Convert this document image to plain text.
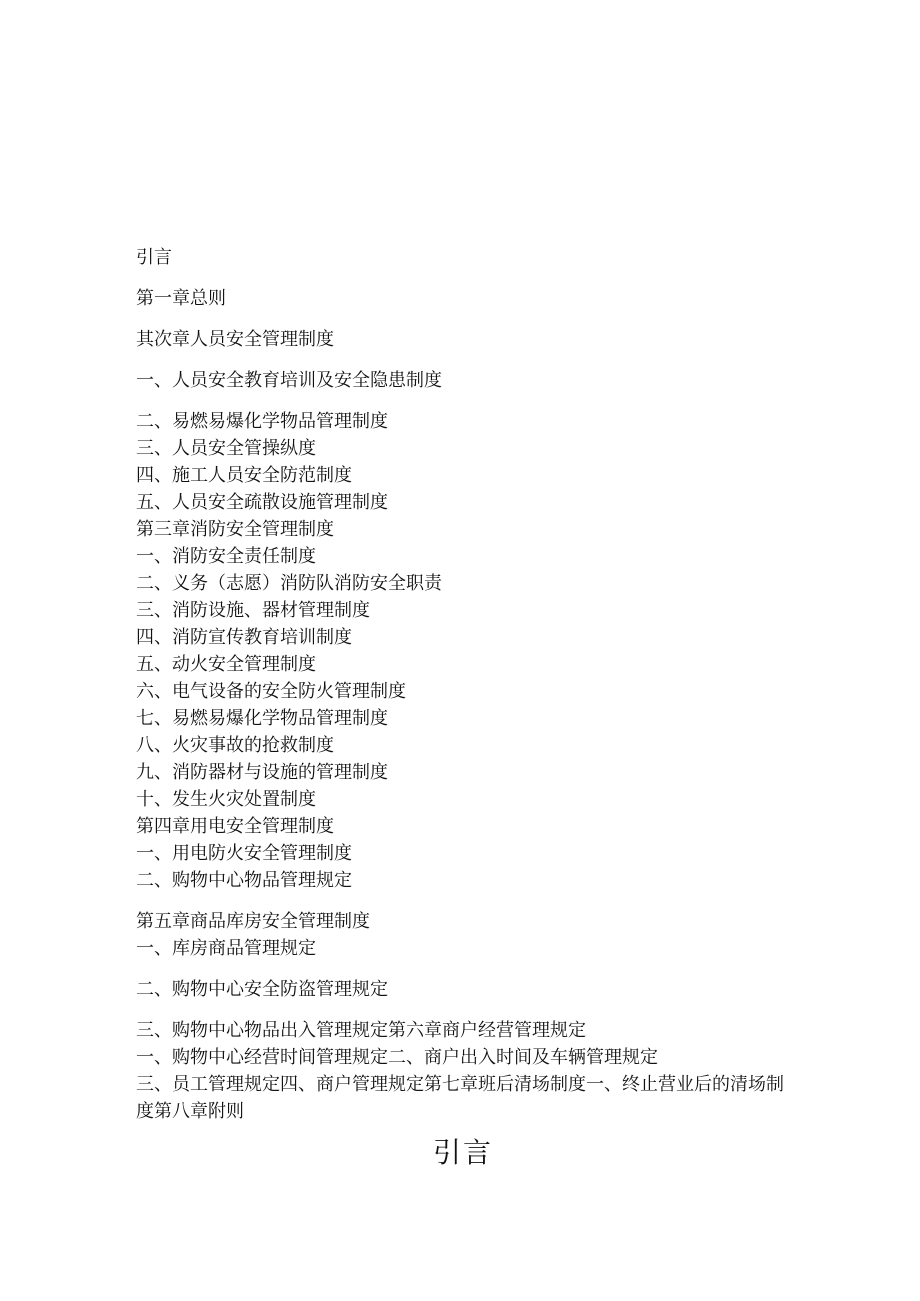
引言
第一章总则
其次章人员安全管理制度
一、人员安全教育培训及安全隐患制度
二、易燃易爆化学物品管理制度
三、人员安全管操纵度
四、施工人员安全防范制度
五、人员安全疏散设施管理制度
第三章消防安全管理制度
一、消防安全责任制度
二、义务（志愿）消防队消防安全职责
三、消防设施、器材管理制度
四、消防宣传教育培训制度
五、动火安全管理制度
六、电气设备的安全防火管理制度
七、易燃易爆化学物品管理制度
八、火灾事故的抢救制度
九、消防器材与设施的管理制度
十、发生火灾处置制度
第四章用电安全管理制度
一、用电防火安全管理制度
二、购物中心物品管理规定
第五章商品库房安全管理制度
一、库房商品管理规定
二、购物中心安全防盗管理规定
三、购物中心物品出入管理规定第六章商户经营管理规定
一、购物中心经营时间管理规定二、商户出入时间及车辆管理规定
三、员工管理规定四、商户管理规定第七章班后清场制度一、终止营业后的清场制度第八章附则
引言
